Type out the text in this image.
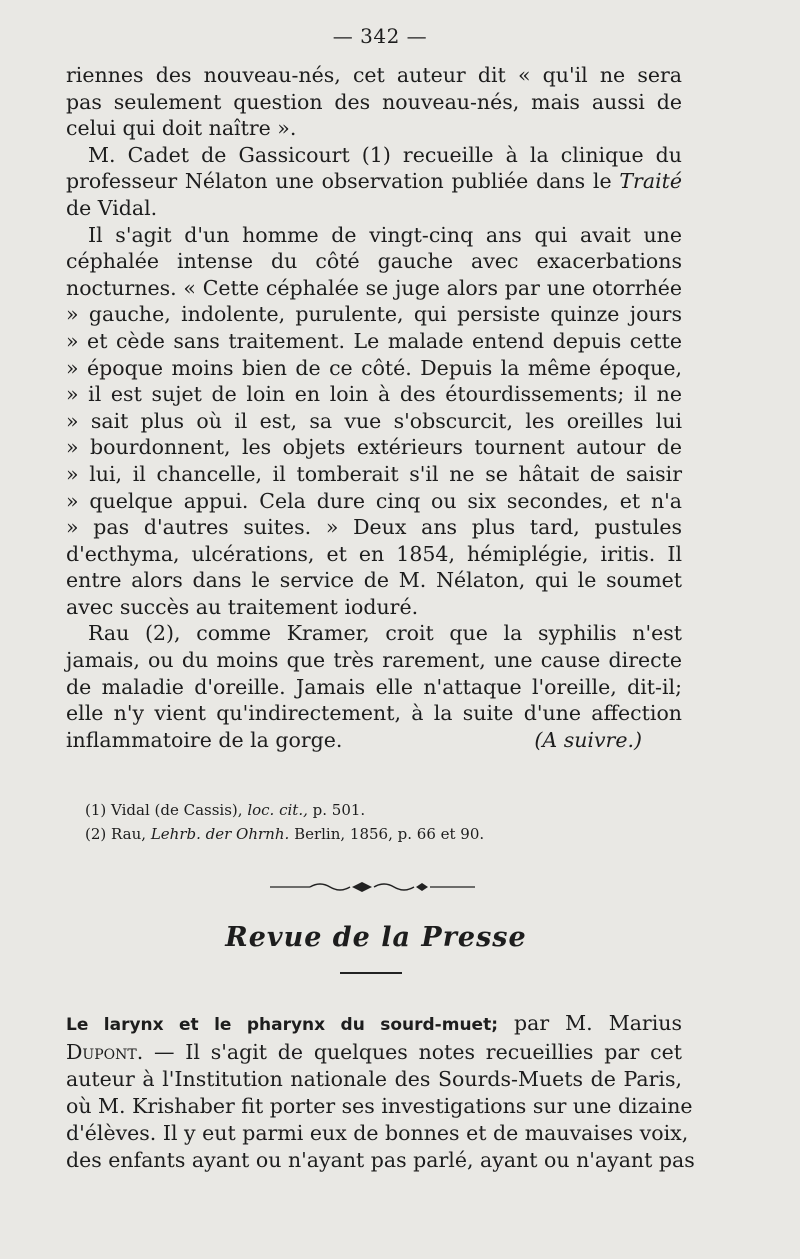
— 342 —
riennes des nouveau-nés, cet auteur dit « qu'il ne sera
pas seulement question des nouveau-nés, mais aussi de
celui qui doit naître ».
M. Cadet de Gassicourt (1) recueille à la clinique du
professeur Nélaton une observation publiée dans le Traité
de Vidal.
Il s'agit d'un homme de vingt-cinq ans qui avait une
céphalée intense du côté gauche avec exacerbations
nocturnes. « Cette céphalée se juge alors par une otorrhée
» gauche, indolente, purulente, qui persiste quinze jours
» et cède sans traitement. Le malade entend depuis cette
» époque moins bien de ce côté. Depuis la même époque,
» il est sujet de loin en loin à des étourdissements; il ne
» sait plus où il est, sa vue s'obscurcit, les oreilles lui
» bourdonnent, les objets extérieurs tournent autour de
» lui, il chancelle, il tomberait s'il ne se hâtait de saisir
» quelque appui. Cela dure cinq ou six secondes, et n'a
» pas d'autres suites. » Deux ans plus tard, pustules
d'ecthyma, ulcérations, et en 1854, hémiplégie, iritis. Il
entre alors dans le service de M. Nélaton, qui le soumet
avec succès au traitement ioduré.
Rau (2), comme Kramer, croit que la syphilis n'est
jamais, ou du moins que très rarement, une cause directe
de maladie d'oreille. Jamais elle n'attaque l'oreille, dit-il;
elle n'y vient qu'indirectement, à la suite d'une affection
inflammatoire de la gorge.	(A suivre.)
(1) Vidal (de Cassis), loc. cit., p. 501.
(2) Rau, Lehrb. der Ohrnh. Berlin, 1856, p. 66 et 90.
Revue de la Presse
Le larynx et le pharynx du sourd-muet; par M. Marius
Dupont. — Il s'agit de quelques notes recueillies par cet
auteur à l'Institution nationale des Sourds-Muets de Paris,
où M. Krishaber fit porter ses investigations sur une dizaine
d'élèves. Il y eut parmi eux de bonnes et de mauvaises voix,
des enfants ayant ou n'ayant pas parlé, ayant ou n'ayant pas
